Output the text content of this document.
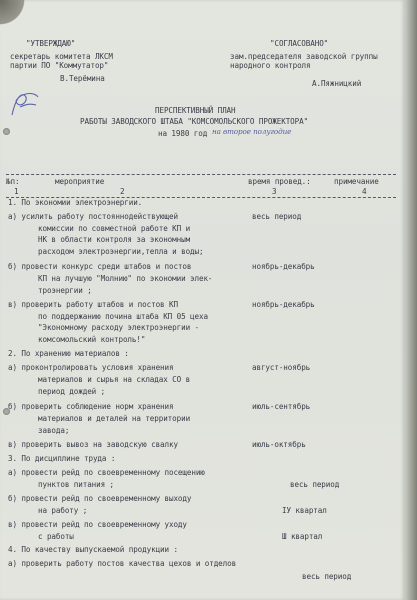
"УТВЕРЖДАЮ"
секретарь комитета ЛКСМ
партии ПО "Коммутатор"
В.Терёмина
"СОГЛАСОВАНО"
зам.председателя заводской группы
народного контроля
А.Пяжницкий
ПЕРСПЕКТИВНЫЙ ПЛАН
РАБОТЫ ЗАВОДСКОГО ШТАБА "КОМСОМОЛЬСКОГО ПРОЖЕКТОРА"
на 1980 год на второе полугодие
№п:	мероприятие	время провед.:	примечание
1	2	3	4
1. По экономии электроэнергии.
а) усилить работу постояннодействующей	весь период
комиссии по совместной работе КП и
НК в области контроля за экономным
расходом электроэнергии,тепла и воды;
б) провести конкурс среди штабов и постов	ноябрь-декабрь
КП на лучшую "Молнию" по экономии элек-
троэнергии ;
в) проверить работу штабов и постов КП	ноябрь-декабрь
по поддержанию почина штаба КП 05 цеха
"Экономному расходу электроэнергии -
комсомольский контроль!"
2. По хранению материалов :
а) проконтролировать условия хранения	август-ноябрь
материалов и сырья на складах СО в
период дождей ;
б) проверить соблюдение норм хранения	июль-сентябрь
материалов и деталей на территории
завода;
в) проверить вывоз на заводскую свалку	июль-октябрь
3. По дисциплине труда :
а) провести рейд по своевременному посещению
пунктов питания ;	весь период
б) провести рейд по своевременному выходу
на работу ;	IУ квартал
в) провести рейд по своевременному уходу
с работы	Ш квартал
4. По качеству выпускаемой продукции :
а) проверить работу постов качества цехов и отделов
весь период
